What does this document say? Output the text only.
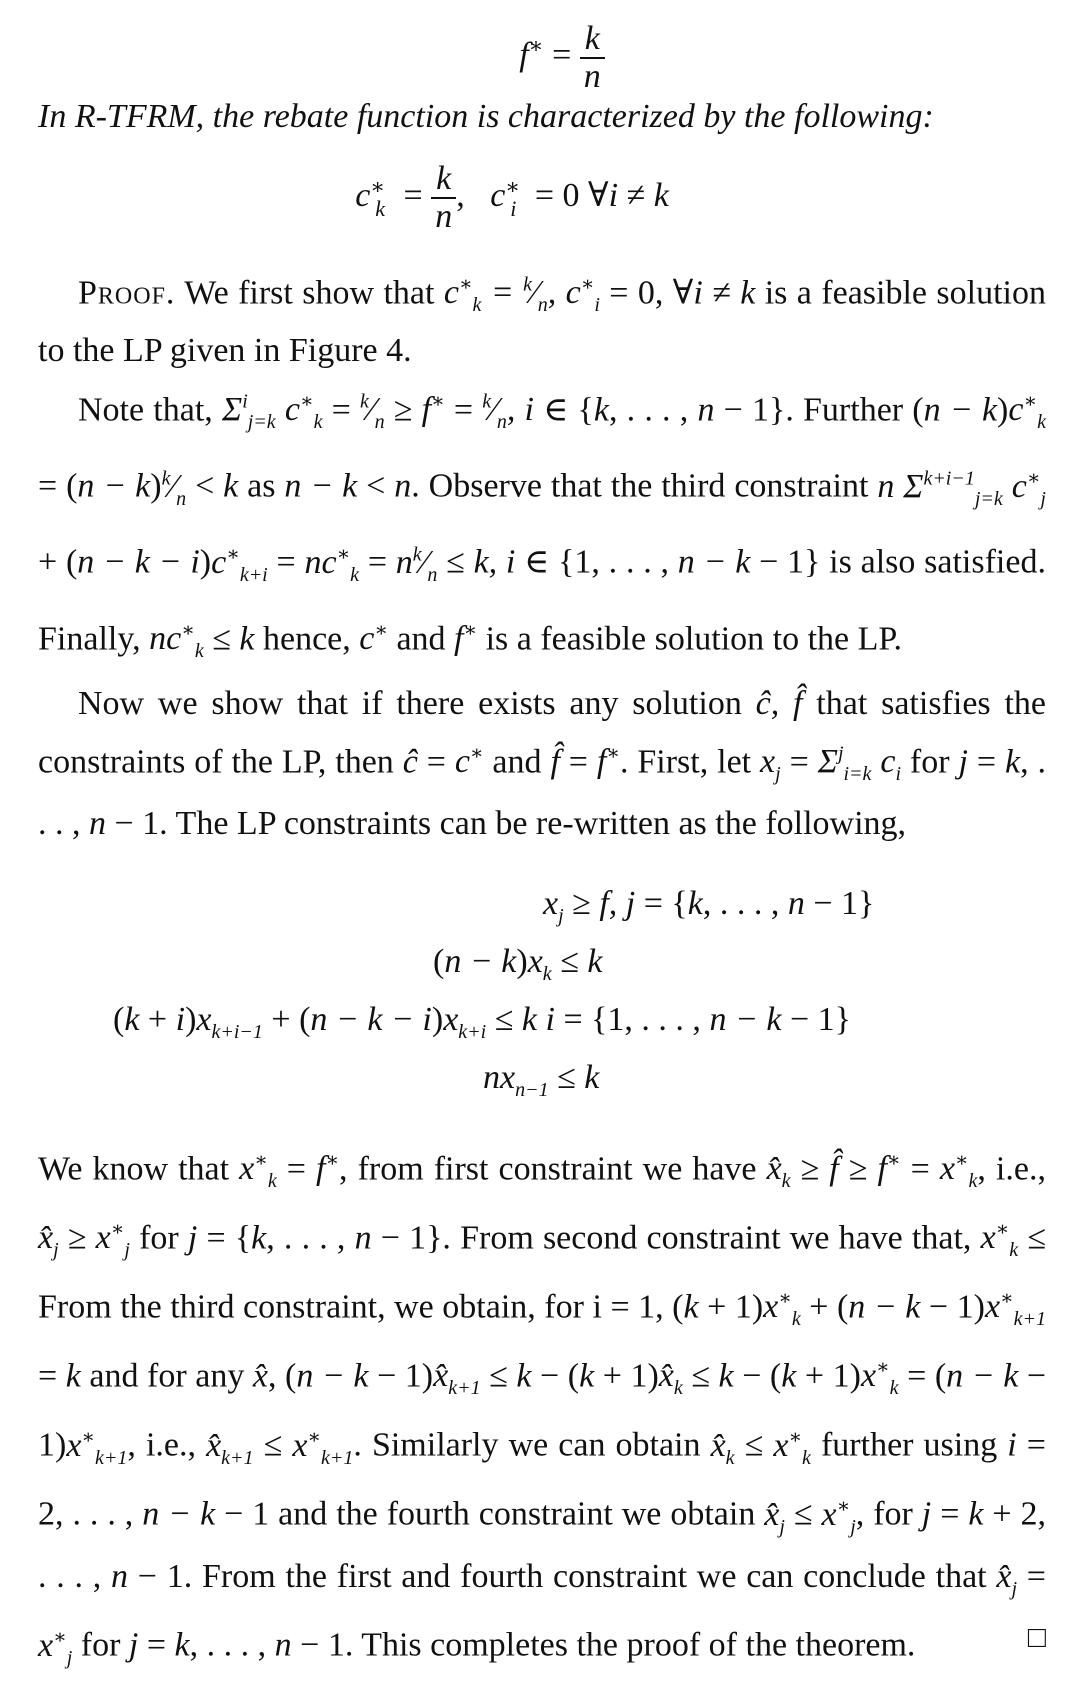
$f^∗ = \frac{k}{n}$

In R-TFRM, the rebate function is characterized by the following:

$c^∗_k = \frac{k}{n}$ ,   $c^∗_i = 0$ ∀i ≠ k

Proof. We first show that $c^∗_k$ = $^k⁄_n$, $c^∗_i = 0$, ∀i ≠ k is a feasible solution to the LP given in Figure 4.

Note that, $\Sigma^i_{j=k}$ $c^∗_k$ = $^k⁄_n \ge f^∗$ = $^k⁄_n$, i ∈ {k, . . . , n − 1}. Further $(n - k)c^∗_k = (n$ − $k)^k⁄_n < k$ as n − k < n. Observe that the third constraint n $\Sigma^{k+i-1}_{j=k}$ $c^∗_j + (n - k - i)c^∗_{k+i} = nc^∗_k$ = $n^k⁄_n \le k$, i ∈ {1, . . . , n − k − 1} is also satisfied. Finally, $nc^∗_k \le k$ hence, c∗ and f∗ is a feasible solution to the LP.

Now we show that if there exists any solution ĉ, f̂ that satisfies the constraints of the LP, then ĉ = c∗ and f̂ = f∗. First, let $x_j = \Sigma^j_{i=k}$ $c_i$ for j = k, . . . , n − 1. The LP constraints can be re-written as the following,

$x_j \ge f$, j = {k, . . . , n − 1}
$(n - k)x_k \le k$
$(k + i)x_{k+i-1} + (n - k - i)x_{k+i} \le k$ i = {1, . . . , n − k − 1}
$nx_{n-1} \le k$

We know that $x^∗_k = f^∗$, from first constraint we have $x̂_k$ ≥ f̂ ≥ $f^∗ = x^∗_k$, i.e., $x̂_j \ge x^∗_j$ for j = {k, . . . , n − 1}. From second constraint we have that, $x^∗_k$ ≤ From the third constraint, we obtain, for i = 1, $(k + 1)x^∗_k + (n - k - 1)x^∗_{k+1} = k$ and for any x̂, $(n - k - 1)x̂_{k+1} \le k - (k$ + $1)x̂_k \le k - (k + 1)x^∗_k = (n - k - 1)x^∗_{k+1}$, i.e., $x̂_{k+1} \le x^∗_{k+1}$. Similarly we can obtain $x̂_k \le x^∗_k$ further using i = 2, . . . , n − k − 1 and the fourth constraint we obtain $x̂_j \le x^∗_j$, for j = k + 2, . . . , n − 1. From the first and fourth constraint we can conclude that $x̂_j = x^∗_j$ for j = k, . . . , n − 1. This completes the proof of the theorem.	□
